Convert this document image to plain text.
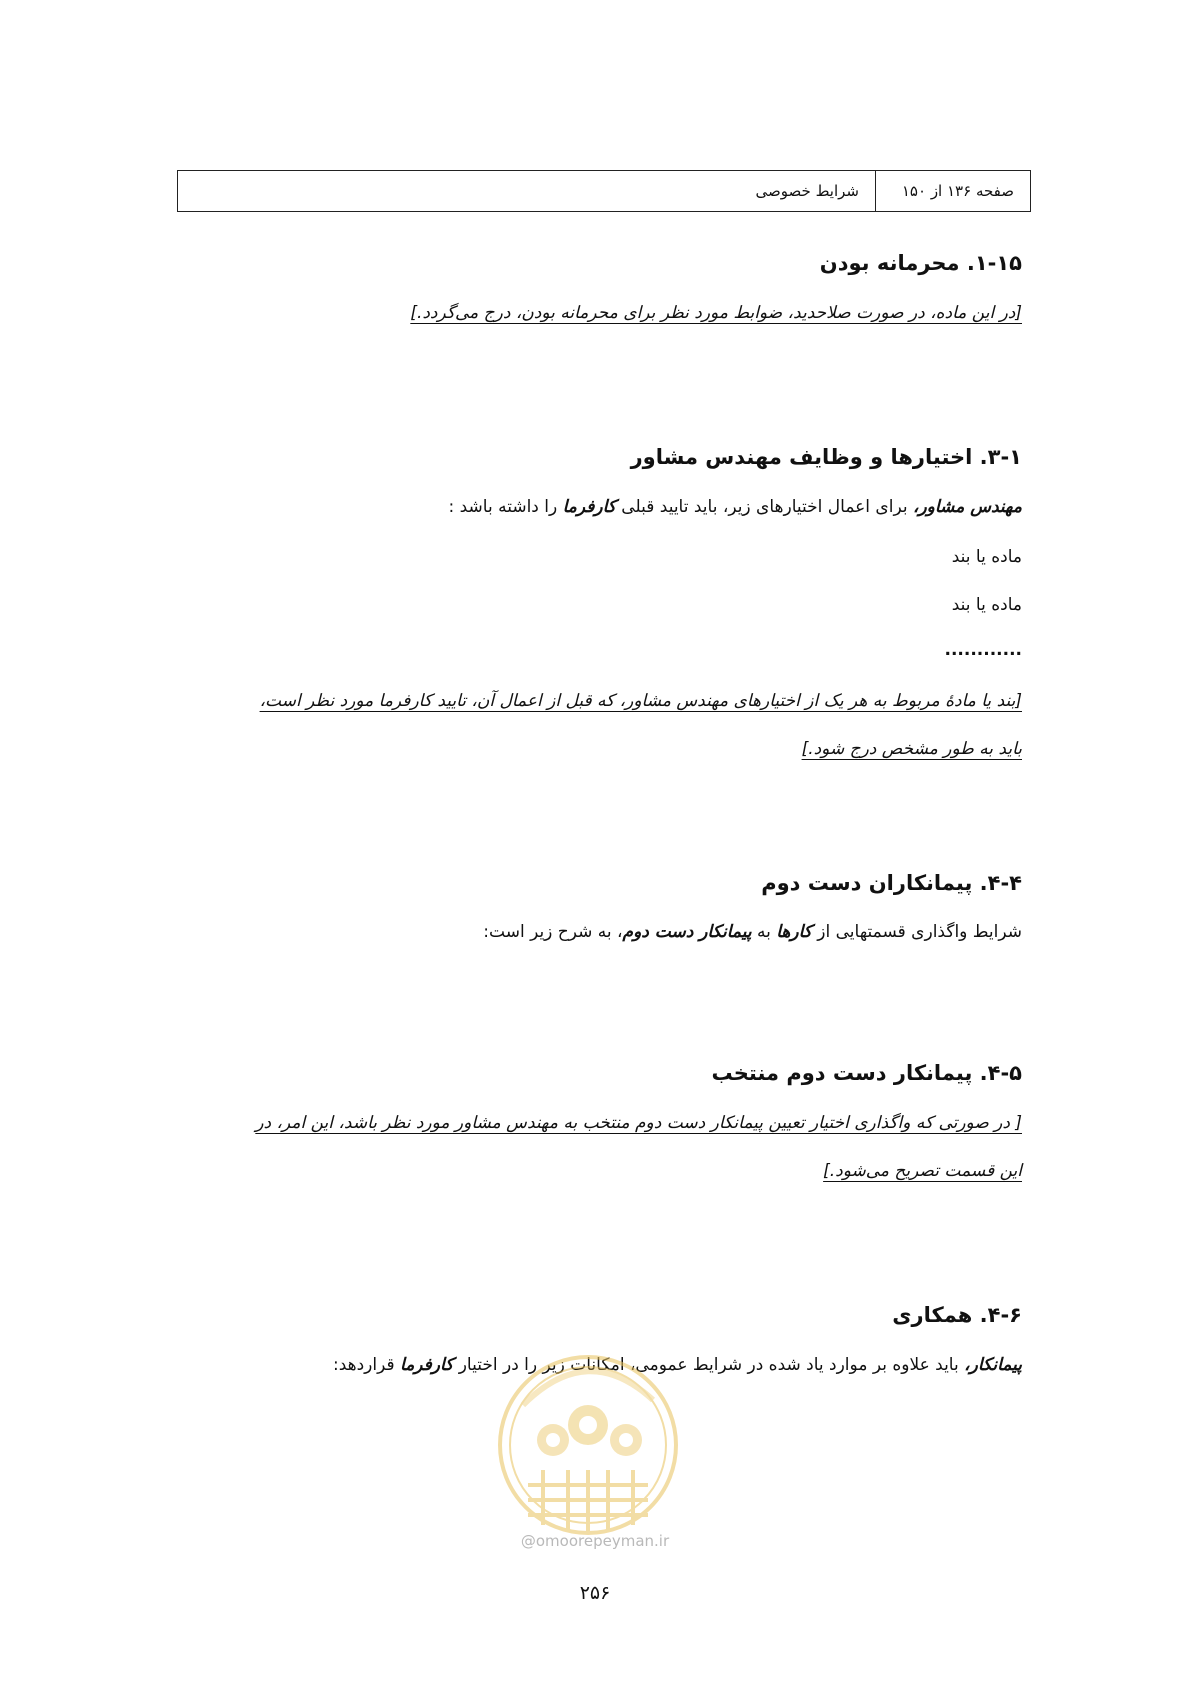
صفحه ۱۳۶ از ۱۵۰
شرایط خصوصی
۱-۱۵. محرمانه بودن
[در این ماده، در صورت صلاحدید، ضوابط مورد نظر برای محرمانه بودن، درج می‌گردد.]
۳-۱. اختیارها و وظایف مهندس مشاور
مهندس مشاور، برای اعمال اختیارهای زیر، باید تایید قبلی کارفرما را داشته باشد :
ماده یا بند
ماده یا بند
............
[بند یا مادۀ مربوط به هر یک از اختیارهای مهندس مشاور، که قبل از اعمال آن، تایید کارفرما مورد نظر است،
باید به طور مشخص درج شود.]
۴-۴. پیمانکاران دست دوم
شرایط واگذاری قسمتهایی از کارها به پیمانکار دست دوم، به شرح زیر است:
۴-۵. پیمانکار دست دوم منتخب
[ در صورتی که واگذاری اختیار تعیین پیمانکار دست دوم منتخب به مهندس مشاور مورد نظر باشد، این امر، در
این قسمت تصریح می‌شود.]
۴-۶. همکاری
پیمانکار، باید علاوه بر موارد یاد شده در شرایط عمومی، امکانات زیر را در اختیار کارفرما قراردهد:
@omoorepeyman.ir
۲۵۶
